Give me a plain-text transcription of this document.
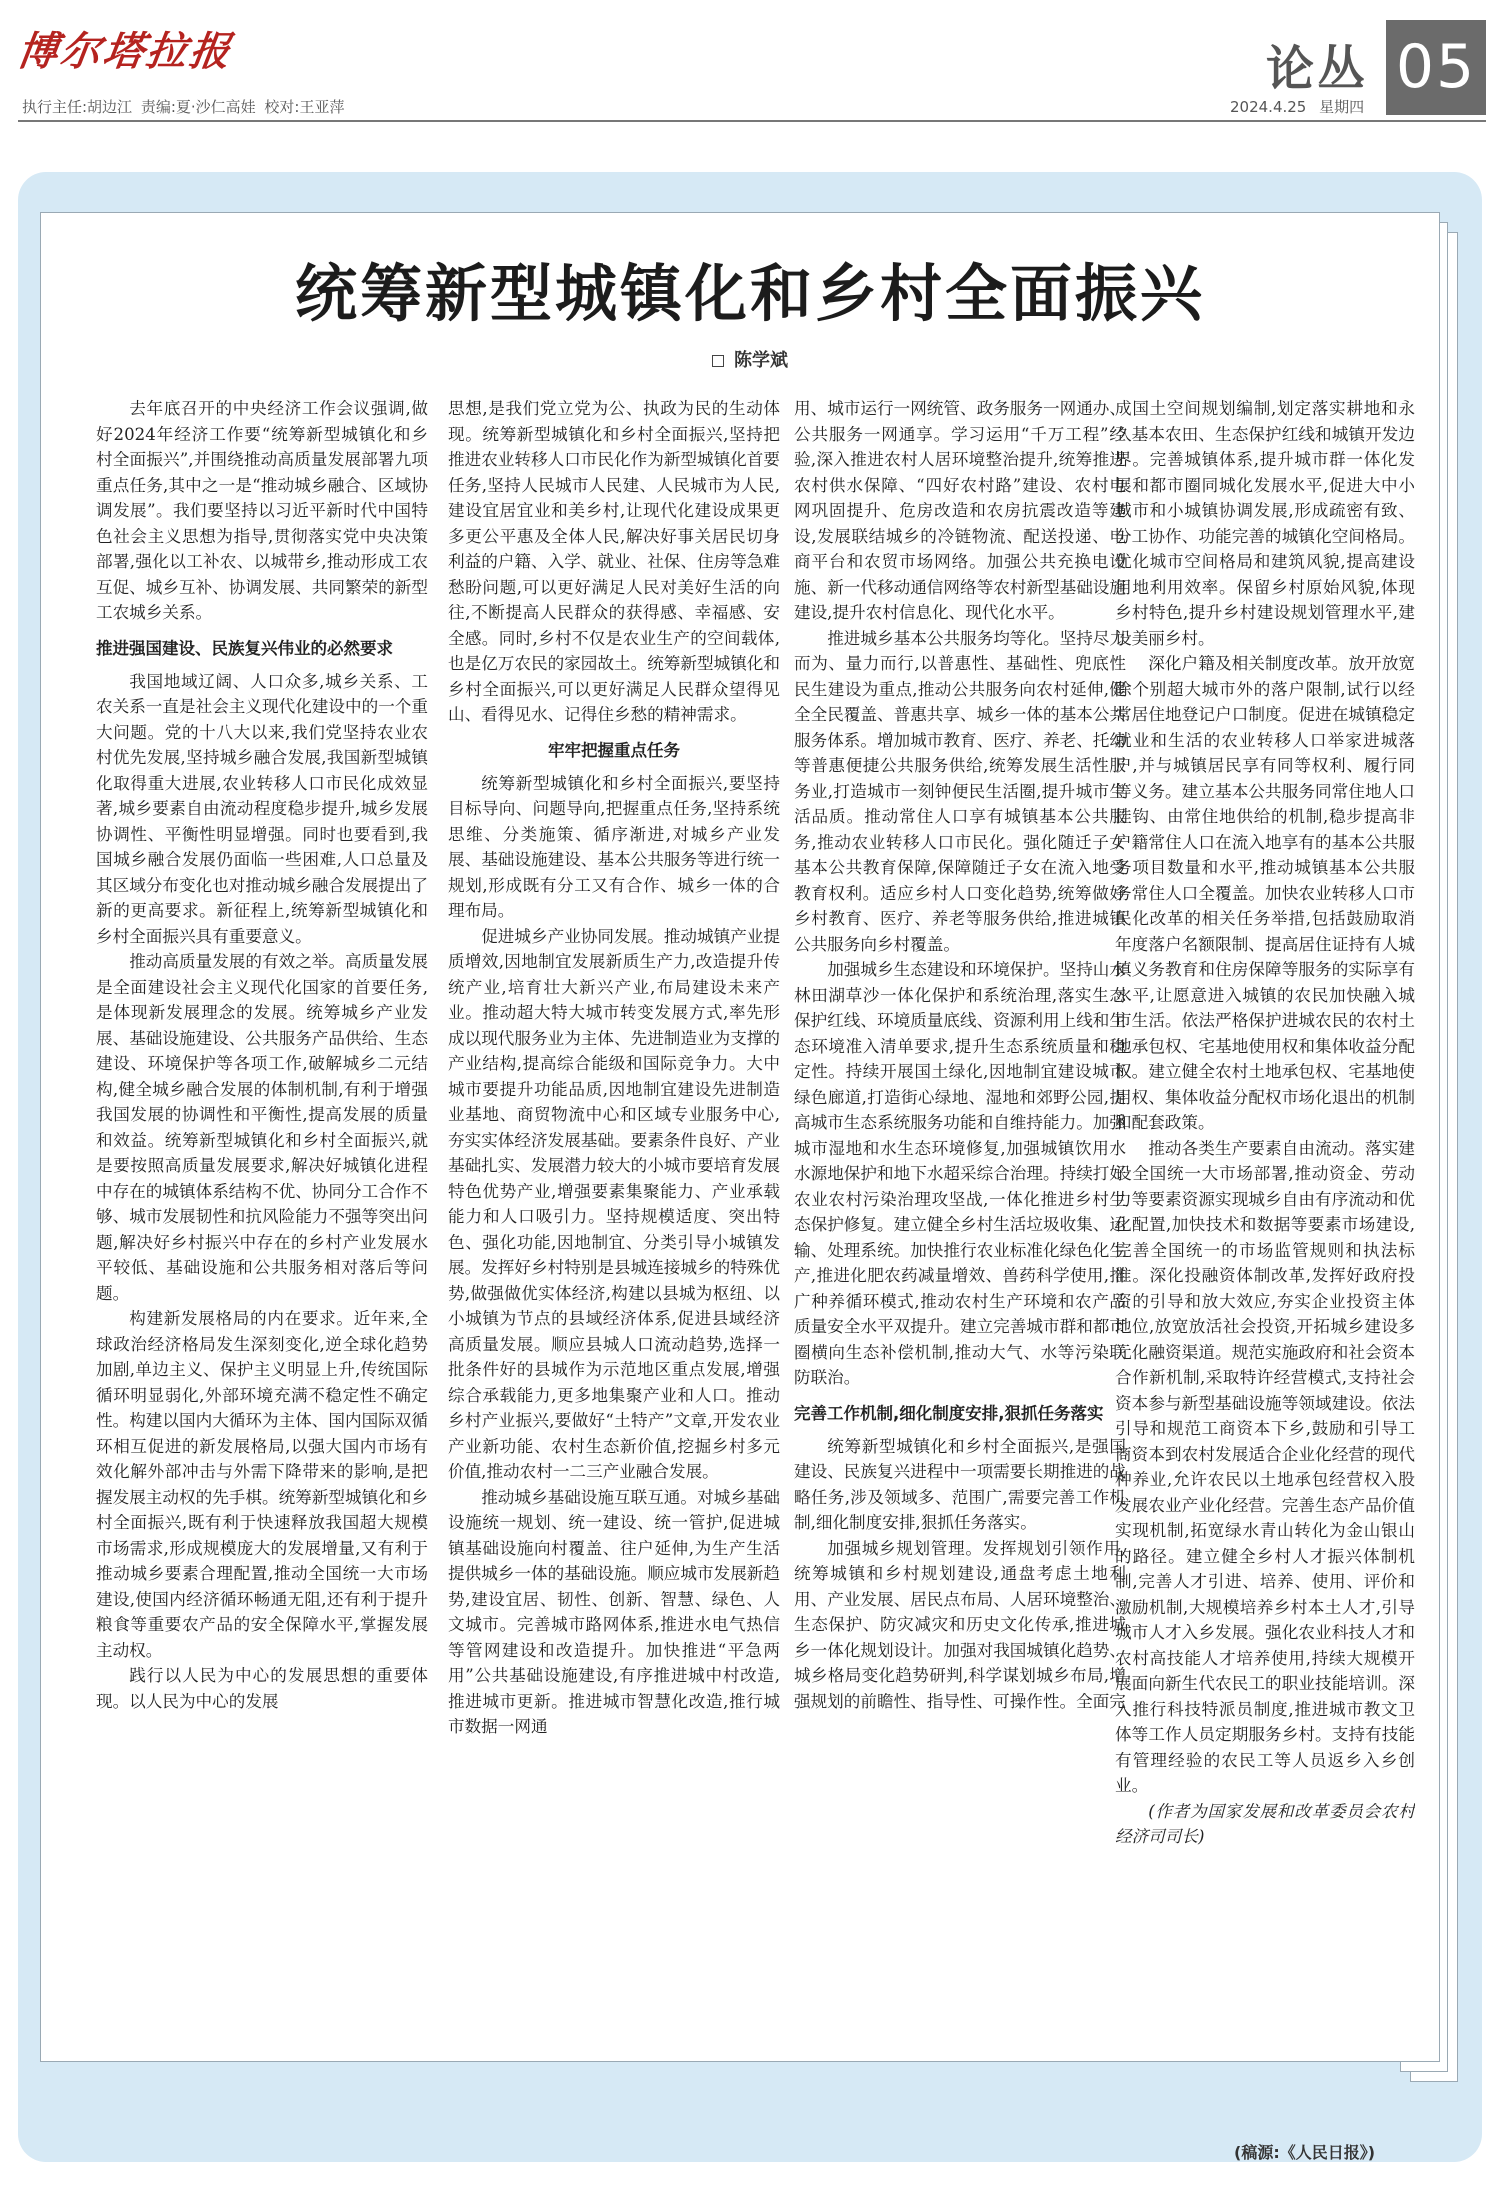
博尔塔拉报
执行主任:胡边江 责编:夏·沙仁高娃 校对:王亚萍
论丛 05
2024.4.25 星期四
统筹新型城镇化和乡村全面振兴
陈学斌

去年底召开的中央经济工作会议强调,做好2024年经济工作要“统筹新型城镇化和乡村全面振兴”,并围绕推动高质量发展部署九项重点任务,其中之一是“推动城乡融合、区域协调发展”。我们要坚持以习近平新时代中国特色社会主义思想为指导,贯彻落实党中央决策部署,强化以工补农、以城带乡,推动形成工农互促、城乡互补、协调发展、共同繁荣的新型工农城乡关系。

推进强国建设、民族复兴伟业的必然要求

我国地域辽阔、人口众多,城乡关系、工农关系一直是社会主义现代化建设中的一个重大问题。党的十八大以来,我们党坚持农业农村优先发展,坚持城乡融合发展,我国新型城镇化取得重大进展,农业转移人口市民化成效显著,城乡要素自由流动程度稳步提升,城乡发展协调性、平衡性明显增强。同时也要看到,我国城乡融合发展仍面临一些困难,人口总量及其区域分布变化也对推动城乡融合发展提出了新的更高要求。新征程上,统筹新型城镇化和乡村全面振兴具有重要意义。

推动高质量发展的有效之举。高质量发展是全面建设社会主义现代化国家的首要任务,是体现新发展理念的发展。统筹城乡产业发展、基础设施建设、公共服务产品供给、生态建设、环境保护等各项工作,破解城乡二元结构,健全城乡融合发展的体制机制,有利于增强我国发展的协调性和平衡性,提高发展的质量和效益。统筹新型城镇化和乡村全面振兴,就是要按照高质量发展要求,解决好城镇化进程中存在的城镇体系结构不优、协同分工合作不够、城市发展韧性和抗风险能力不强等突出问题,解决好乡村振兴中存在的乡村产业发展水平较低、基础设施和公共服务相对落后等问题。

构建新发展格局的内在要求。近年来,全球政治经济格局发生深刻变化,逆全球化趋势加剧,单边主义、保护主义明显上升,传统国际循环明显弱化,外部环境充满不稳定性不确定性。构建以国内大循环为主体、国内国际双循环相互促进的新发展格局,以强大国内市场有效化解外部冲击与外需下降带来的影响,是把握发展主动权的先手棋。统筹新型城镇化和乡村全面振兴,既有利于快速释放我国超大规模市场需求,形成规模庞大的发展增量,又有利于推动城乡要素合理配置,推动全国统一大市场建设,使国内经济循环畅通无阻,还有利于提升粮食等重要农产品的安全保障水平,掌握发展主动权。

践行以人民为中心的发展思想的重要体现。以人民为中心的发展

思想,是我们党立党为公、执政为民的生动体现。统筹新型城镇化和乡村全面振兴,坚持把推进农业转移人口市民化作为新型城镇化首要任务,坚持人民城市人民建、人民城市为人民,建设宜居宜业和美乡村,让现代化建设成果更多更公平惠及全体人民,解决好事关居民切身利益的户籍、入学、就业、社保、住房等急难愁盼问题,可以更好满足人民对美好生活的向往,不断提高人民群众的获得感、幸福感、安全感。同时,乡村不仅是农业生产的空间载体,也是亿万农民的家园故土。统筹新型城镇化和乡村全面振兴,可以更好满足人民群众望得见山、看得见水、记得住乡愁的精神需求。

牢牢把握重点任务

统筹新型城镇化和乡村全面振兴,要坚持目标导向、问题导向,把握重点任务,坚持系统思维、分类施策、循序渐进,对城乡产业发展、基础设施建设、基本公共服务等进行统一规划,形成既有分工又有合作、城乡一体的合理布局。

促进城乡产业协同发展。推动城镇产业提质增效,因地制宜发展新质生产力,改造提升传统产业,培育壮大新兴产业,布局建设未来产业。推动超大特大城市转变发展方式,率先形成以现代服务业为主体、先进制造业为支撑的产业结构,提高综合能级和国际竞争力。大中城市要提升功能品质,因地制宜建设先进制造业基地、商贸物流中心和区域专业服务中心,夯实实体经济发展基础。要素条件良好、产业基础扎实、发展潜力较大的小城市要培育发展特色优势产业,增强要素集聚能力、产业承载能力和人口吸引力。坚持规模适度、突出特色、强化功能,因地制宜、分类引导小城镇发展。发挥好乡村特别是县城连接城乡的特殊优势,做强做优实体经济,构建以县城为枢纽、以小城镇为节点的县域经济体系,促进县域经济高质量发展。顺应县城人口流动趋势,选择一批条件好的县城作为示范地区重点发展,增强综合承载能力,更多地集聚产业和人口。推动乡村产业振兴,要做好“土特产”文章,开发农业产业新功能、农村生态新价值,挖掘乡村多元价值,推动农村一二三产业融合发展。

推动城乡基础设施互联互通。对城乡基础设施统一规划、统一建设、统一管护,促进城镇基础设施向村覆盖、往户延伸,为生产生活提供城乡一体的基础设施。顺应城市发展新趋势,建设宜居、韧性、创新、智慧、绿色、人文城市。完善城市路网体系,推进水电气热信等管网建设和改造提升。加快推进“平急两用”公共基础设施建设,有序推进城中村改造,推进城市更新。推进城市智慧化改造,推行城市数据一网通

用、城市运行一网统管、政务服务一网通办、公共服务一网通享。学习运用“千万工程”经验,深入推进农村人居环境整治提升,统筹推进农村供水保障、“四好农村路”建设、农村电网巩固提升、危房改造和农房抗震改造等建设,发展联结城乡的冷链物流、配送投递、电商平台和农贸市场网络。加强公共充换电设施、新一代移动通信网络等农村新型基础设施建设,提升农村信息化、现代化水平。

推进城乡基本公共服务均等化。坚持尽力而为、量力而行,以普惠性、基础性、兜底性民生建设为重点,推动公共服务向农村延伸,健全全民覆盖、普惠共享、城乡一体的基本公共服务体系。增加城市教育、医疗、养老、托幼等普惠便捷公共服务供给,统筹发展生活性服务业,打造城市一刻钟便民生活圈,提升城市生活品质。推动常住人口享有城镇基本公共服务,推动农业转移人口市民化。强化随迁子女基本公共教育保障,保障随迁子女在流入地受教育权利。适应乡村人口变化趋势,统筹做好乡村教育、医疗、养老等服务供给,推进城镇公共服务向乡村覆盖。

加强城乡生态建设和环境保护。坚持山水林田湖草沙一体化保护和系统治理,落实生态保护红线、环境质量底线、资源利用上线和生态环境准入清单要求,提升生态系统质量和稳定性。持续开展国土绿化,因地制宜建设城市绿色廊道,打造街心绿地、湿地和郊野公园,提高城市生态系统服务功能和自维持能力。加强城市湿地和水生态环境修复,加强城镇饮用水水源地保护和地下水超采综合治理。持续打好农业农村污染治理攻坚战,一体化推进乡村生态保护修复。建立健全乡村生活垃圾收集、运输、处理系统。加快推行农业标准化绿色化生产,推进化肥农药减量增效、兽药科学使用,推广种养循环模式,推动农村生产环境和农产品质量安全水平双提升。建立完善城市群和都市圈横向生态补偿机制,推动大气、水等污染联防联治。

完善工作机制,细化制度安排,狠抓任务落实

统筹新型城镇化和乡村全面振兴,是强国建设、民族复兴进程中一项需要长期推进的战略任务,涉及领域多、范围广,需要完善工作机制,细化制度安排,狠抓任务落实。

加强城乡规划管理。发挥规划引领作用,统筹城镇和乡村规划建设,通盘考虑土地利用、产业发展、居民点布局、人居环境整治、生态保护、防灾减灾和历史文化传承,推进城乡一体化规划设计。加强对我国城镇化趋势、城乡格局变化趋势研判,科学谋划城乡布局,增强规划的前瞻性、指导性、可操作性。全面完

成国土空间规划编制,划定落实耕地和永久基本农田、生态保护红线和城镇开发边界。完善城镇体系,提升城市群一体化发展和都市圈同城化发展水平,促进大中小城市和小城镇协调发展,形成疏密有致、分工协作、功能完善的城镇化空间格局。优化城市空间格局和建筑风貌,提高建设用地利用效率。保留乡村原始风貌,体现乡村特色,提升乡村建设规划管理水平,建设美丽乡村。

深化户籍及相关制度改革。放开放宽除个别超大城市外的落户限制,试行以经常居住地登记户口制度。促进在城镇稳定就业和生活的农业转移人口举家进城落户,并与城镇居民享有同等权利、履行同等义务。建立基本公共服务同常住地人口挂钩、由常住地供给的机制,稳步提高非户籍常住人口在流入地享有的基本公共服务项目数量和水平,推动城镇基本公共服务常住人口全覆盖。加快农业转移人口市民化改革的相关任务举措,包括鼓励取消年度落户名额限制、提高居住证持有人城镇义务教育和住房保障等服务的实际享有水平,让愿意进入城镇的农民加快融入城市生活。依法严格保护进城农民的农村土地承包权、宅基地使用权和集体收益分配权。建立健全农村土地承包权、宅基地使用权、集体收益分配权市场化退出的机制和配套政策。

推动各类生产要素自由流动。落实建设全国统一大市场部署,推动资金、劳动力等要素资源实现城乡自由有序流动和优化配置,加快技术和数据等要素市场建设,完善全国统一的市场监管规则和执法标准。深化投融资体制改革,发挥好政府投资的引导和放大效应,夯实企业投资主体地位,放宽放活社会投资,开拓城乡建设多元化融资渠道。规范实施政府和社会资本合作新机制,采取特许经营模式,支持社会资本参与新型基础设施等领域建设。依法引导和规范工商资本下乡,鼓励和引导工商资本到农村发展适合企业化经营的现代种养业,允许农民以土地承包经营权入股发展农业产业化经营。完善生态产品价值实现机制,拓宽绿水青山转化为金山银山的路径。建立健全乡村人才振兴体制机制,完善人才引进、培养、使用、评价和激励机制,大规模培养乡村本土人才,引导城市人才入乡发展。强化农业科技人才和农村高技能人才培养使用,持续大规模开展面向新生代农民工的职业技能培训。深入推行科技特派员制度,推进城市教文卫体等工作人员定期服务乡村。支持有技能有管理经验的农民工等人员返乡入乡创业。

(作者为国家发展和改革委员会农村经济司司长)

(稿源:《人民日报》)
